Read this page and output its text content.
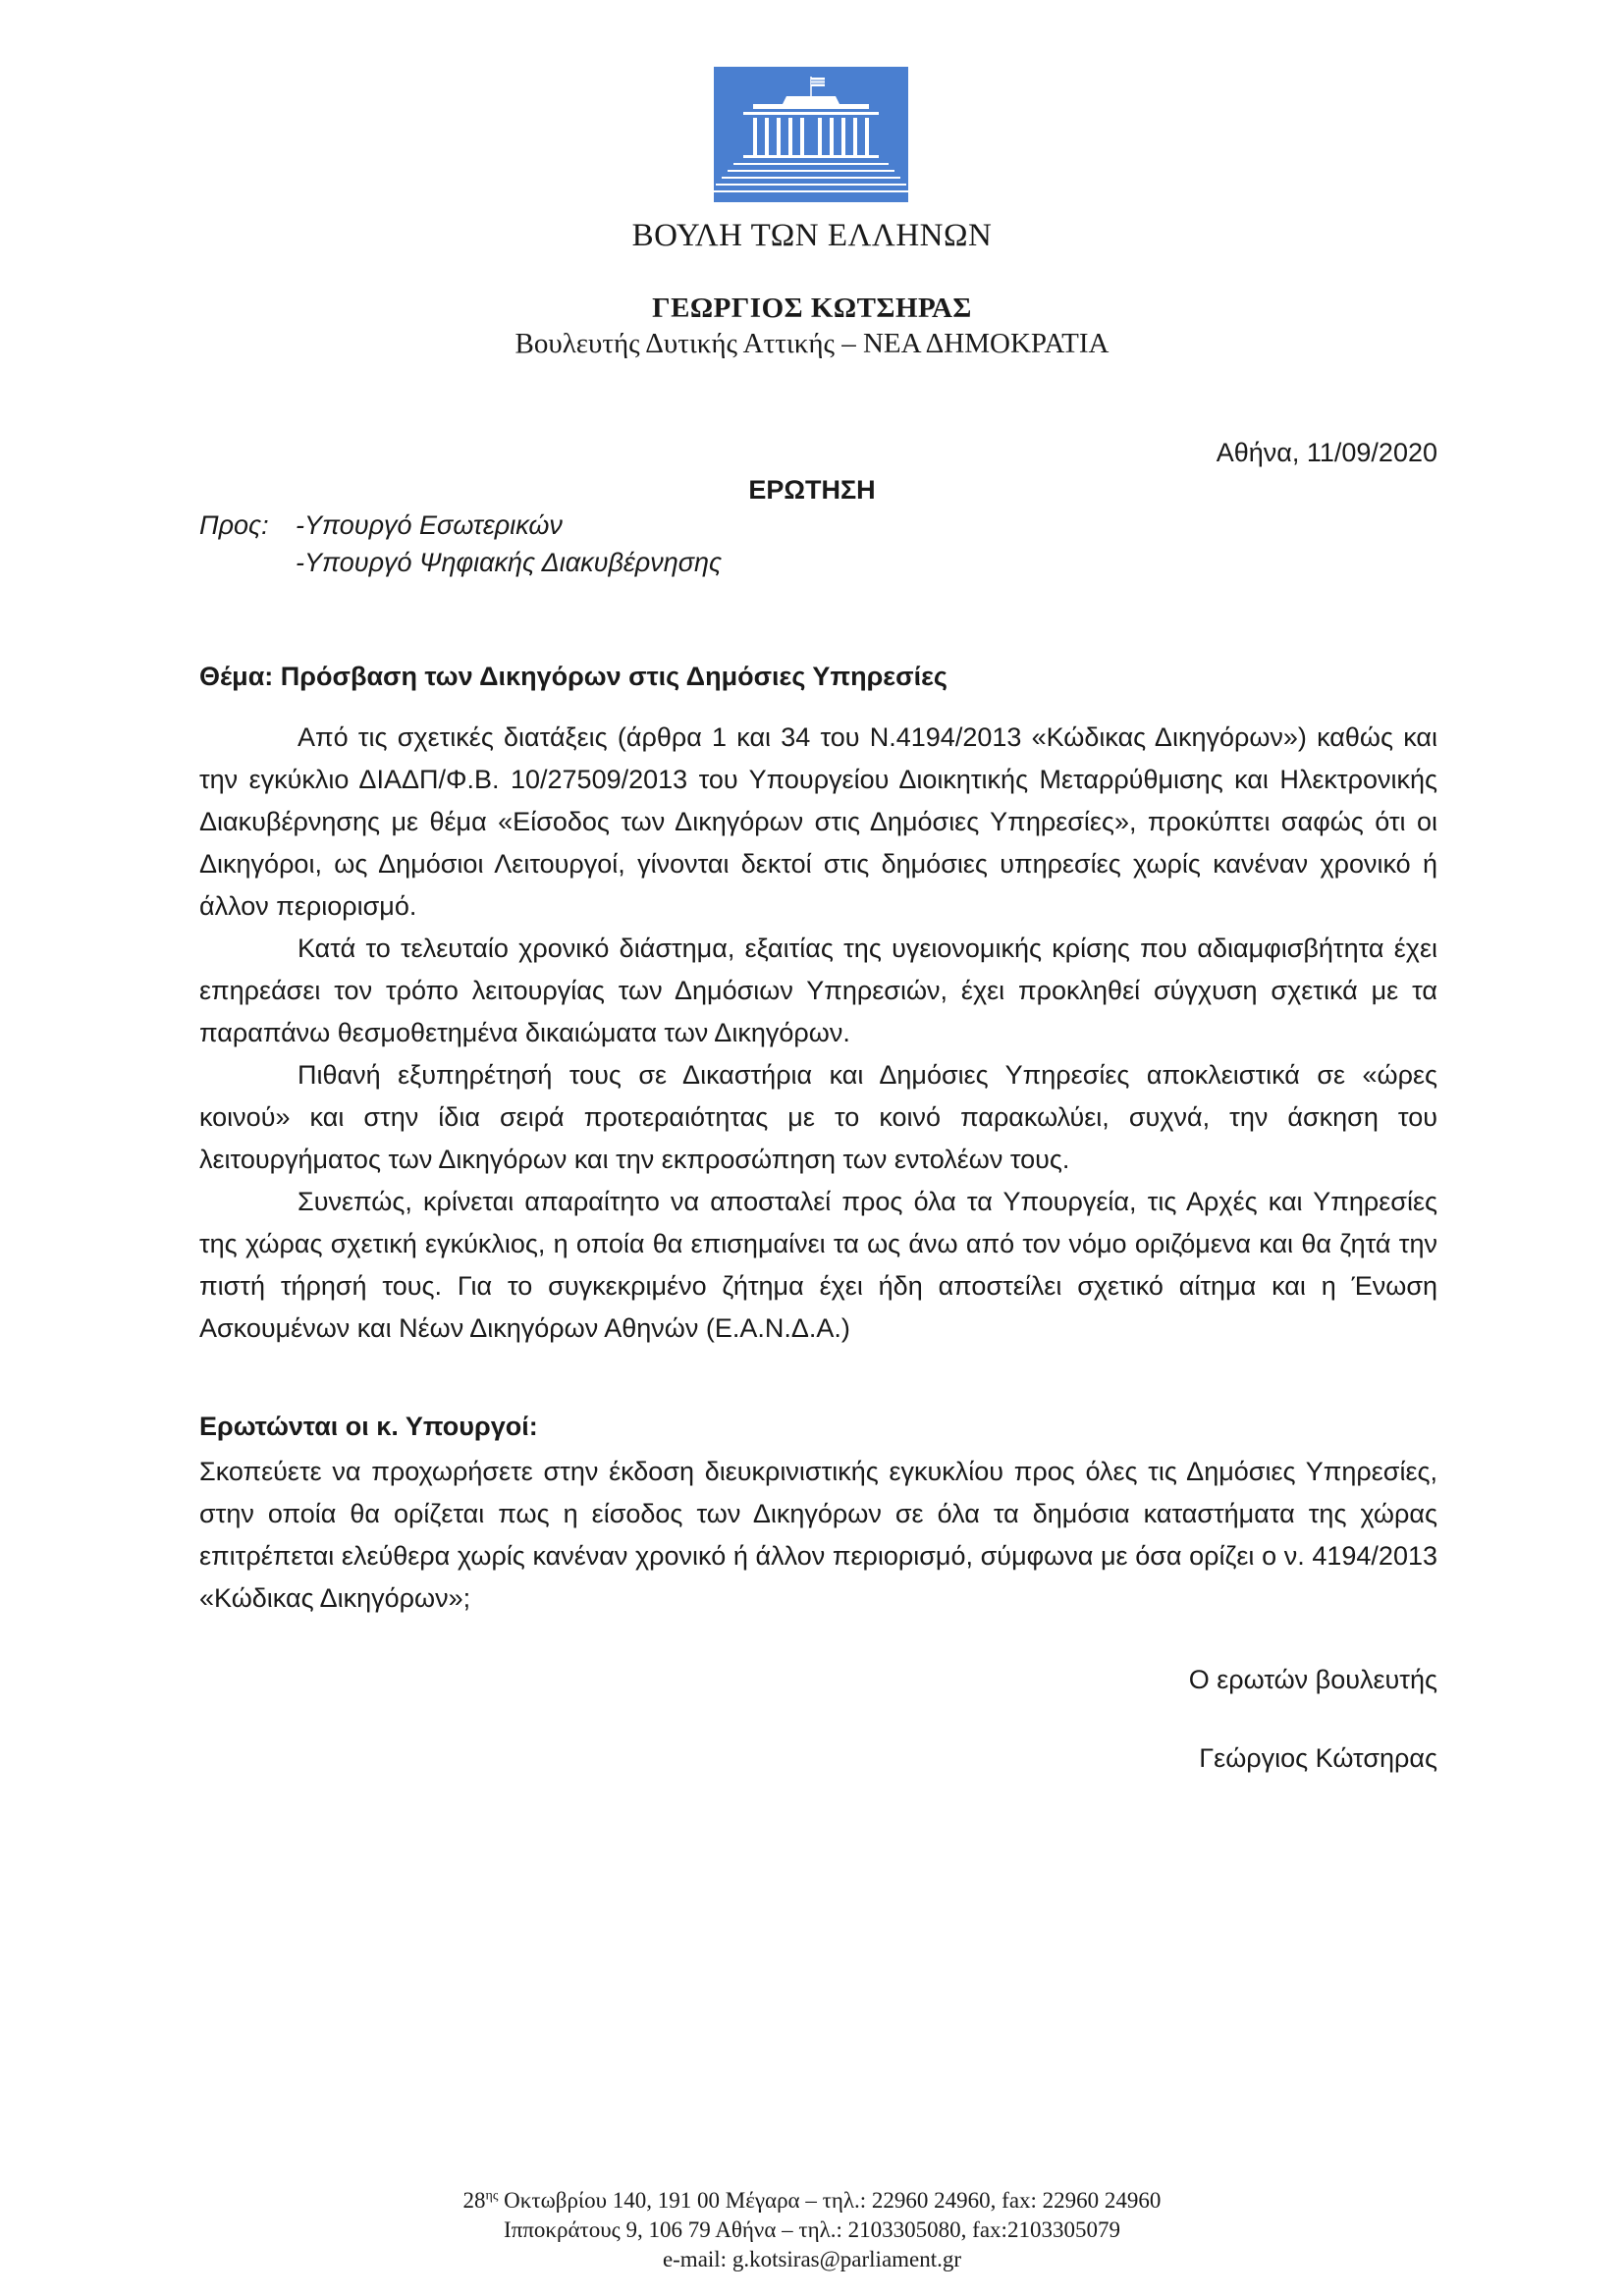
ΒΟΥΛΗ ΤΩΝ ΕΛΛΗΝΩΝ
ΓΕΩΡΓΙΟΣ ΚΩΤΣΗΡΑΣ
Βουλευτής Δυτικής Αττικής – ΝΕΑ ΔΗΜΟΚΡΑΤΙΑ
Αθήνα, 11/09/2020
ΕΡΩΤΗΣΗ
Προς: -Υπουργό Εσωτερικών
-Υπουργό Ψηφιακής Διακυβέρνησης
Θέμα: Πρόσβαση των Δικηγόρων στις Δημόσιες Υπηρεσίες

Από τις σχετικές διατάξεις (άρθρα 1 και 34 του Ν.4194/2013 «Κώδικας Δικηγόρων») καθώς και την εγκύκλιο ΔΙΑΔΠ/Φ.Β. 10/27509/2013 του Υπουργείου Διοικητικής Μεταρρύθμισης και Ηλεκτρονικής Διακυβέρνησης με θέμα «Είσοδος των Δικηγόρων στις Δημόσιες Υπηρεσίες», προκύπτει σαφώς ότι οι Δικηγόροι, ως Δημόσιοι Λειτουργοί, γίνονται δεκτοί στις δημόσιες υπηρεσίες χωρίς κανέναν χρονικό ή άλλον περιορισμό.

Κατά το τελευταίο χρονικό διάστημα, εξαιτίας της υγειονομικής κρίσης που αδιαμφισβήτητα έχει επηρεάσει τον τρόπο λειτουργίας των Δημόσιων Υπηρεσιών, έχει προκληθεί σύγχυση σχετικά με τα παραπάνω θεσμοθετημένα δικαιώματα των Δικηγόρων.

Πιθανή εξυπηρέτησή τους σε Δικαστήρια και Δημόσιες Υπηρεσίες αποκλειστικά σε «ώρες κοινού» και στην ίδια σειρά προτεραιότητας με το κοινό παρακωλύει, συχνά, την άσκηση του λειτουργήματος των Δικηγόρων και την εκπροσώπηση των εντολέων τους.

Συνεπώς, κρίνεται απαραίτητο να αποσταλεί προς όλα τα Υπουργεία, τις Αρχές και Υπηρεσίες της χώρας σχετική εγκύκλιος, η οποία θα επισημαίνει τα ως άνω από τον νόμο οριζόμενα και θα ζητά την πιστή τήρησή τους. Για το συγκεκριμένο ζήτημα έχει ήδη αποστείλει σχετικό αίτημα και η Ένωση Ασκουμένων και Νέων Δικηγόρων Αθηνών (Ε.Α.Ν.Δ.Α.)

Ερωτώνται οι κ. Υπουργοί:
Σκοπεύετε να προχωρήσετε στην έκδοση διευκρινιστικής εγκυκλίου προς όλες τις Δημόσιες Υπηρεσίες, στην οποία θα ορίζεται πως η είσοδος των Δικηγόρων σε όλα τα δημόσια καταστήματα της χώρας επιτρέπεται ελεύθερα χωρίς κανέναν χρονικό ή άλλον περιορισμό, σύμφωνα με όσα ορίζει ο ν. 4194/2013 «Κώδικας Δικηγόρων»;
Ο ερωτών βουλευτής
Γεώργιος Κώτσηρας
$28^{\eta\varsigma}$ Οκτωβρίου 140, 191 00 Μέγαρα – τηλ.: 22960 24960, fax: 22960 24960
Ιπποκράτους 9, 106 79 Αθήνα – τηλ.: 2103305080, fax:2103305079
e-mail: g.kotsiras@parliament.gr
